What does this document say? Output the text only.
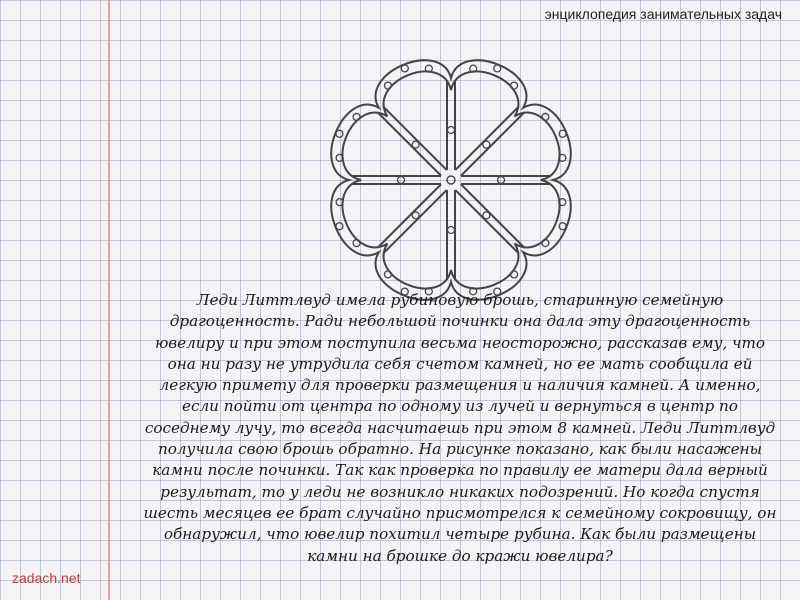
энциклопедия занимательных задач

Леди Литтлвуд имела рубиновую брошь, старинную семейную драгоценность. Ради небольшой починки она дала эту драгоценность ювелиру и при этом поступила весьма неосторожно, рассказав ему, что она ни разу не утрудила себя счетом камней, но ее мать сообщила ей легкую примету для проверки размещения и наличия камней. А именно, если пойти от центра по одному из лучей и вернуться в центр по соседнему лучу, то всегда насчитаешь при этом 8 камней. Леди Литтлвуд получила свою брошь обратно. На рисунке показано, как были насажены камни после починки. Так как проверка по правилу ее матери дала верный результат, то у леди не возникло никаких подозрений. Но когда спустя шесть месяцев ее брат случайно присмотрелся к семейному сокровищу, он обнаружил, что ювелир похитил четыре рубина. Как были размещены камни на брошке до кражи ювелира?

zadach.net
